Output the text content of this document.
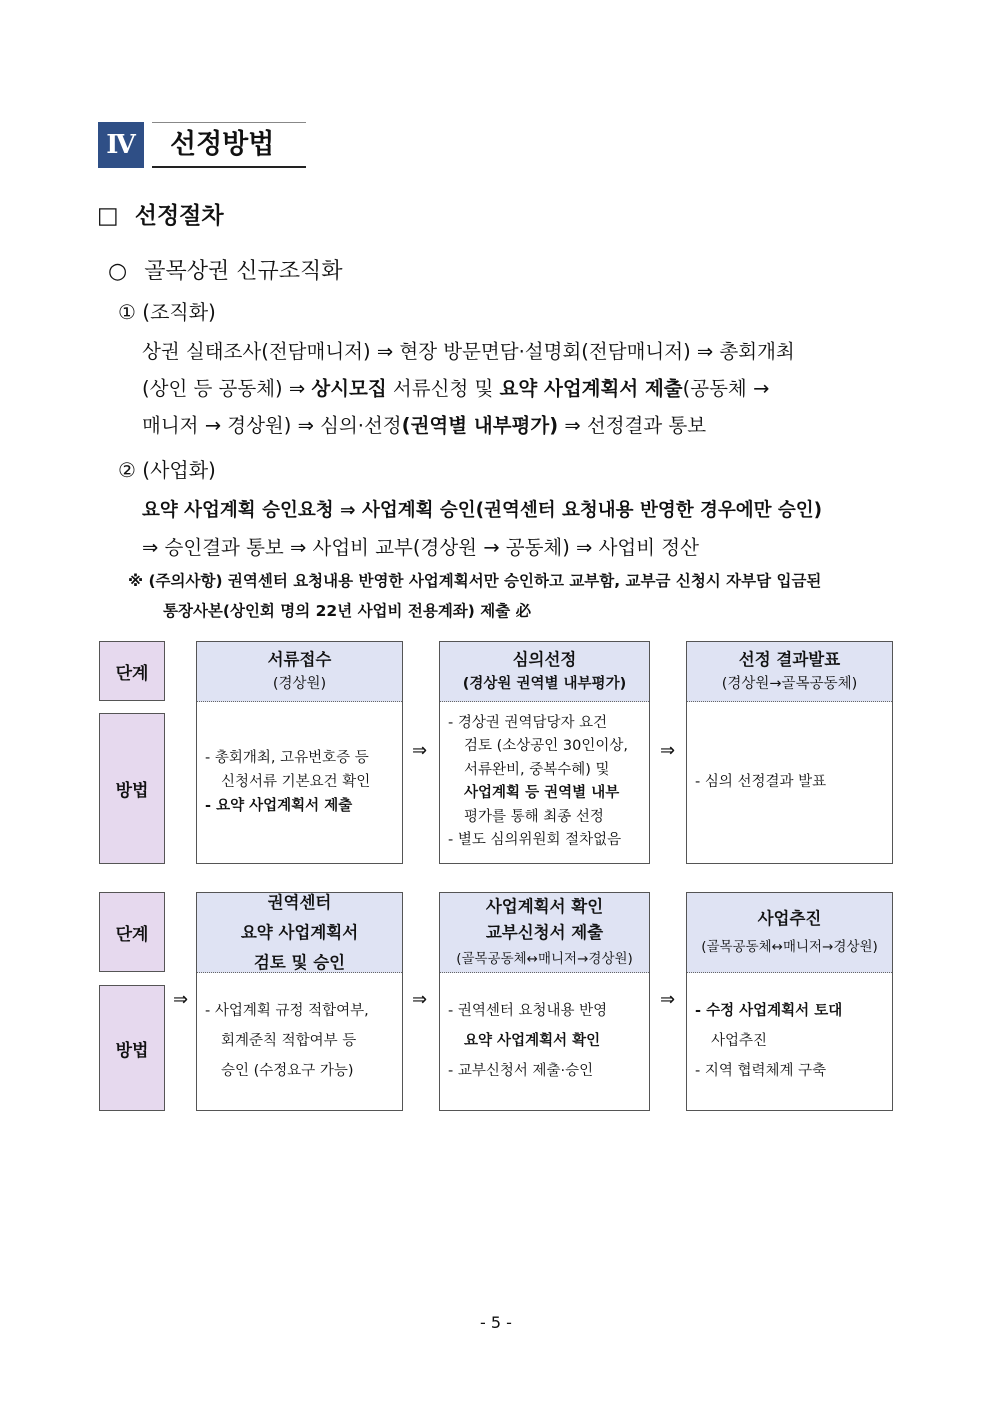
Ⅳ	선정방법
□ 선정절차
○ 골목상권 신규조직화
① (조직화)
상권 실태조사(전담매니저) ⇒ 현장 방문면담·설명회(전담매니저) ⇒ 총회개최
(상인 등 공동체) ⇒ 상시모집 서류신청 및 요약 사업계획서 제출(공동체 →
매니저 → 경상원) ⇒ 심의·선정(권역별 내부평가) ⇒ 선정결과 통보
② (사업화)
요약 사업계획 승인요청 ⇒ 사업계획 승인(권역센터 요청내용 반영한 경우에만 승인)
⇒ 승인결과 통보 ⇒ 사업비 교부(경상원 → 공동체) ⇒ 사업비 정산
※ (주의사항) 권역센터 요청내용 반영한 사업계획서만 승인하고 교부함, 교부금 신청시 자부담 입금된
통장사본(상인회 명의 22년 사업비 전용계좌) 제출 必
단계
방법
서류접수
(경상원)
- 총회개최, 고유번호증 등
신청서류 기본요건 확인
- 요약 사업계획서 제출
⇒
심의선정
(경상원 권역별 내부평가)
- 경상권 권역담당자 요건
검토 (소상공인 30인이상,
서류완비, 중복수혜) 및
사업계획 등 권역별 내부
평가를 통해 최종 선정
- 별도 심의위원회 절차없음
⇒
선정 결과발표
(경상원→골목공동체)
- 심의 선정결과 발표
단계
방법
⇒
권역센터
요약 사업계획서
검토 및 승인
- 사업계획 규정 적합여부,
회계준칙 적합여부 등
승인 (수정요구 가능)
⇒
사업계획서 확인
교부신청서 제출
(골목공동체↔매니저→경상원)
- 권역센터 요청내용 반영
요약 사업계획서 확인
- 교부신청서 제출·승인
⇒
사업추진
(골목공동체↔매니저→경상원)
- 수정 사업계획서 토대
사업추진
- 지역 협력체계 구축
- 5 -
